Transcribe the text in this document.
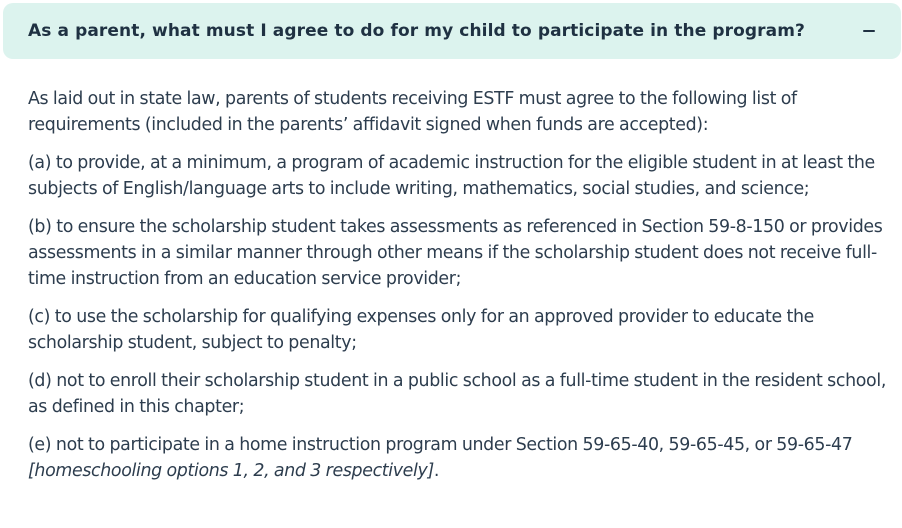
As a parent, what must I agree to do for my child to participate in the program?

As laid out in state law, parents of students receiving ESTF must agree to the following list of requirements (included in the parents’ affidavit signed when funds are accepted):

(a) to provide, at a minimum, a program of academic instruction for the eligible student in at least the subjects of English/language arts to include writing, mathematics, social studies, and science;

(b) to ensure the scholarship student takes assessments as referenced in Section 59-8-150 or provides assessments in a similar manner through other means if the scholarship student does not receive full-time instruction from an education service provider;

(c) to use the scholarship for qualifying expenses only for an approved provider to educate the scholarship student, subject to penalty;

(d) not to enroll their scholarship student in a public school as a full-time student in the resident school, as defined in this chapter;

(e) not to participate in a home instruction program under Section 59-65-40, 59-65-45, or 59-65-47 [homeschooling options 1, 2, and 3 respectively].
